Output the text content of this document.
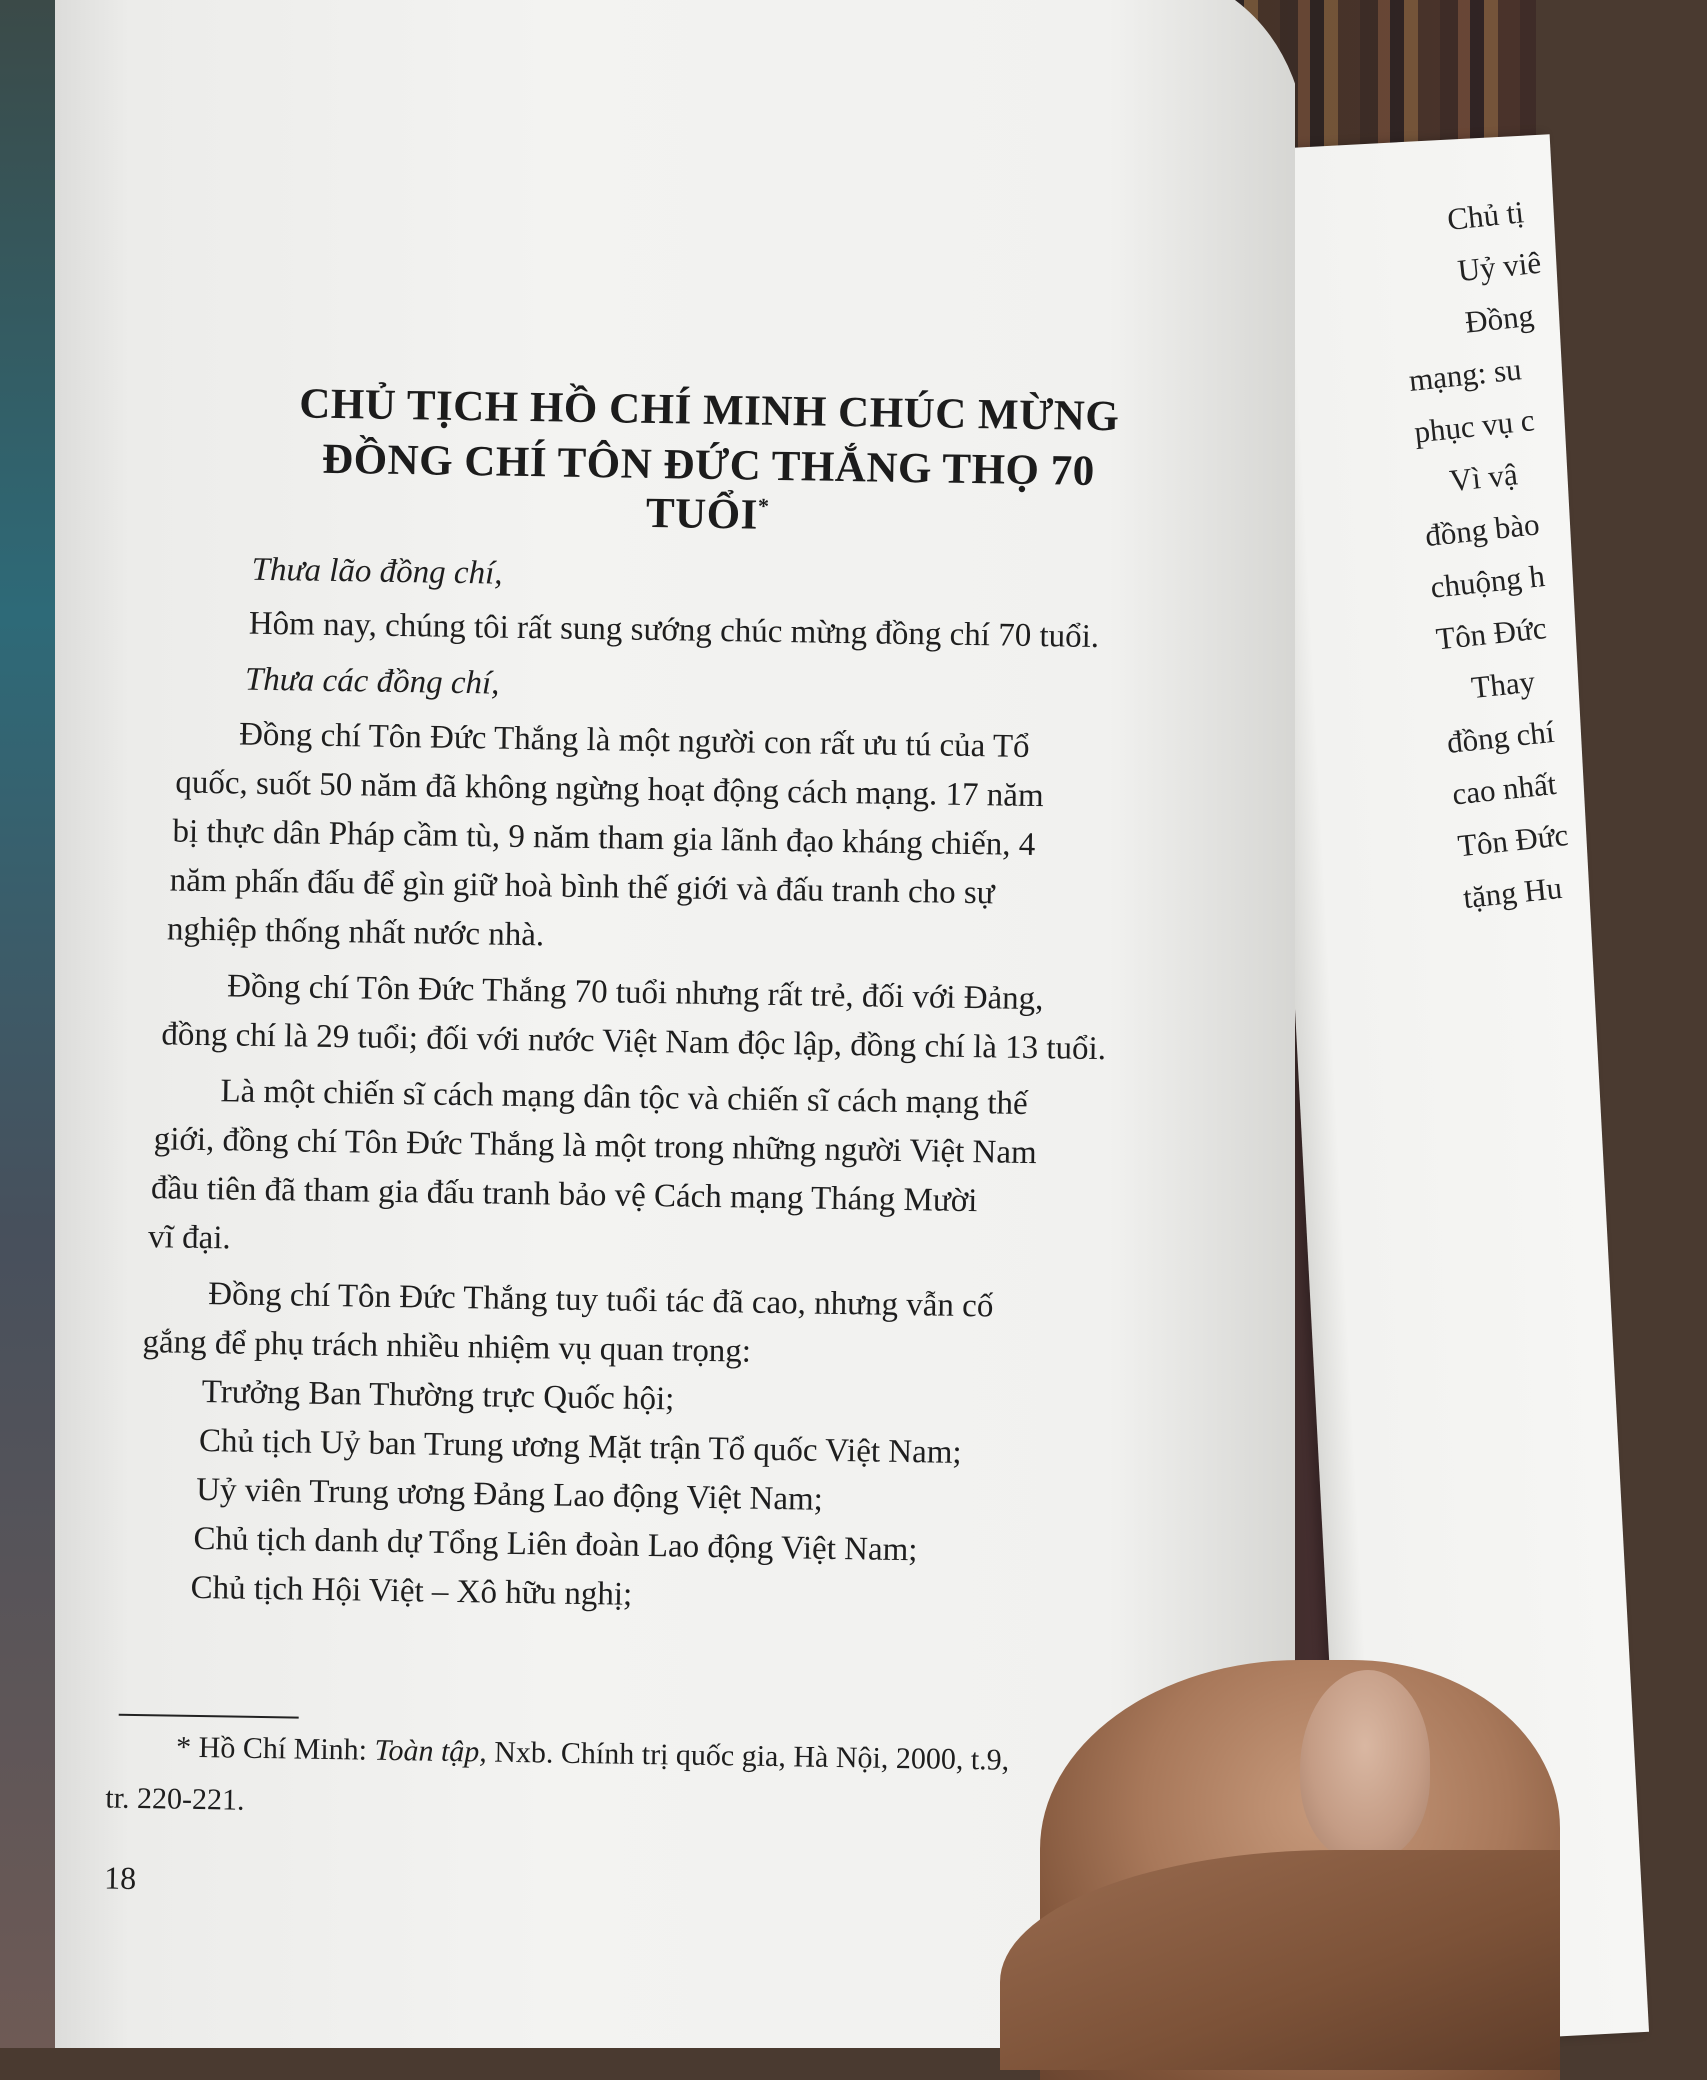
Chủ tị
Uỷ viê
Đồng
mạng: su
phục vụ c
Vì vậ
đồng bào
chuộng h
Tôn Đức
Thay
đồng chí
cao nhất
Tôn Đức
tặng Hu
CHỦ TỊCH HỒ CHÍ MINH CHÚC MỪNG
ĐỒNG CHÍ TÔN ĐỨC THẮNG THỌ 70 TUỔI*
Thưa lão đồng chí,
Hôm nay, chúng tôi rất sung sướng chúc mừng đồng chí 70 tuổi.
Thưa các đồng chí,
Đồng chí Tôn Đức Thắng là một người con rất ưu tú của Tổ
quốc, suốt 50 năm đã không ngừng hoạt động cách mạng. 17 năm
bị thực dân Pháp cầm tù, 9 năm tham gia lãnh đạo kháng chiến, 4
năm phấn đấu để gìn giữ hoà bình thế giới và đấu tranh cho sự
nghiệp thống nhất nước nhà.
Đồng chí Tôn Đức Thắng 70 tuổi nhưng rất trẻ, đối với Đảng,
đồng chí là 29 tuổi; đối với nước Việt Nam độc lập, đồng chí là 13 tuổi.
Là một chiến sĩ cách mạng dân tộc và chiến sĩ cách mạng thế
giới, đồng chí Tôn Đức Thắng là một trong những người Việt Nam
đầu tiên đã tham gia đấu tranh bảo vệ Cách mạng Tháng Mười
vĩ đại.
Đồng chí Tôn Đức Thắng tuy tuổi tác đã cao, nhưng vẫn cố
gắng để phụ trách nhiều nhiệm vụ quan trọng:
Trưởng Ban Thường trực Quốc hội;
Chủ tịch Uỷ ban Trung ương Mặt trận Tổ quốc Việt Nam;
Uỷ viên Trung ương Đảng Lao động Việt Nam;
Chủ tịch danh dự Tổng Liên đoàn Lao động Việt Nam;
Chủ tịch Hội Việt – Xô hữu nghị;
* Hồ Chí Minh: Toàn tập, Nxb. Chính trị quốc gia, Hà Nội, 2000, t.9,
tr. 220-221.
18
